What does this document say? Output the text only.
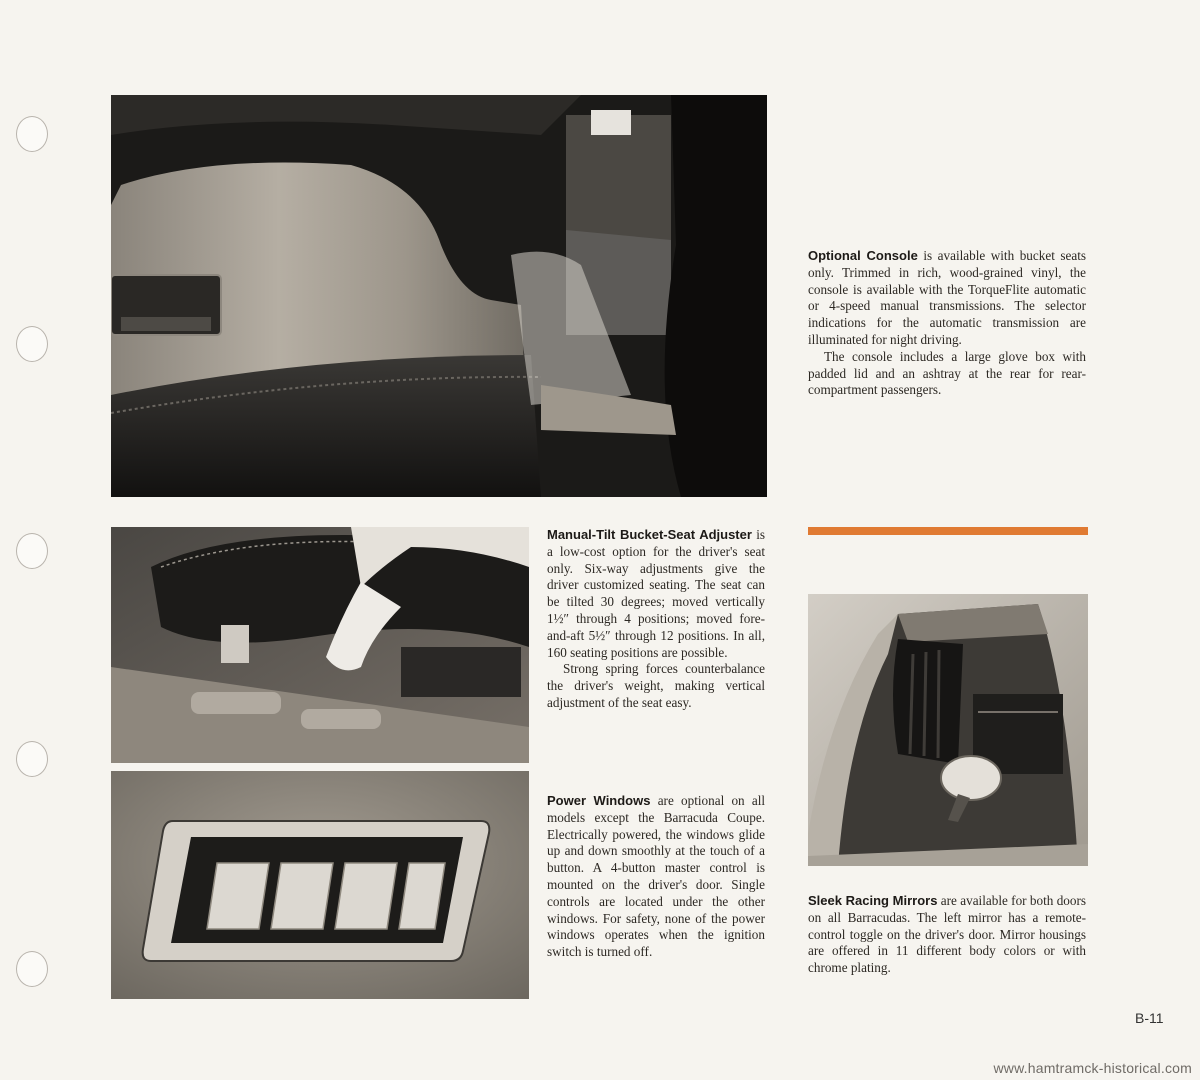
Optional Console is available with bucket seats only. Trimmed in rich, wood-grained vinyl, the console is available with the TorqueFlite automatic or 4-speed manual transmissions. The selector indications for the automatic transmission are illuminated for night driving.

The console includes a large glove box with padded lid and an ashtray at the rear for rear-compartment passengers.

Manual-Tilt Bucket-Seat Adjuster is a low-cost option for the driver's seat only. Six-way adjustments give the driver customized seating. The seat can be tilted 30 degrees; moved vertically 1½″ through 4 positions; moved fore-and-aft 5½″ through 12 positions. In all, 160 seating positions are possible.

Strong spring forces counterbalance the driver's weight, making vertical adjustment of the seat easy.

Power Windows are optional on all models except the Barracuda Coupe. Electrically powered, the windows glide up and down smoothly at the touch of a button. A 4-button master control is mounted on the driver's door. Single controls are located under the other windows. For safety, none of the power windows operates when the ignition switch is turned off.

Sleek Racing Mirrors are available for both doors on all Barracudas. The left mirror has a remote-control toggle on the driver's door. Mirror housings are offered in 11 different body colors or with chrome plating.

B-11
www.hamtramck-historical.com
